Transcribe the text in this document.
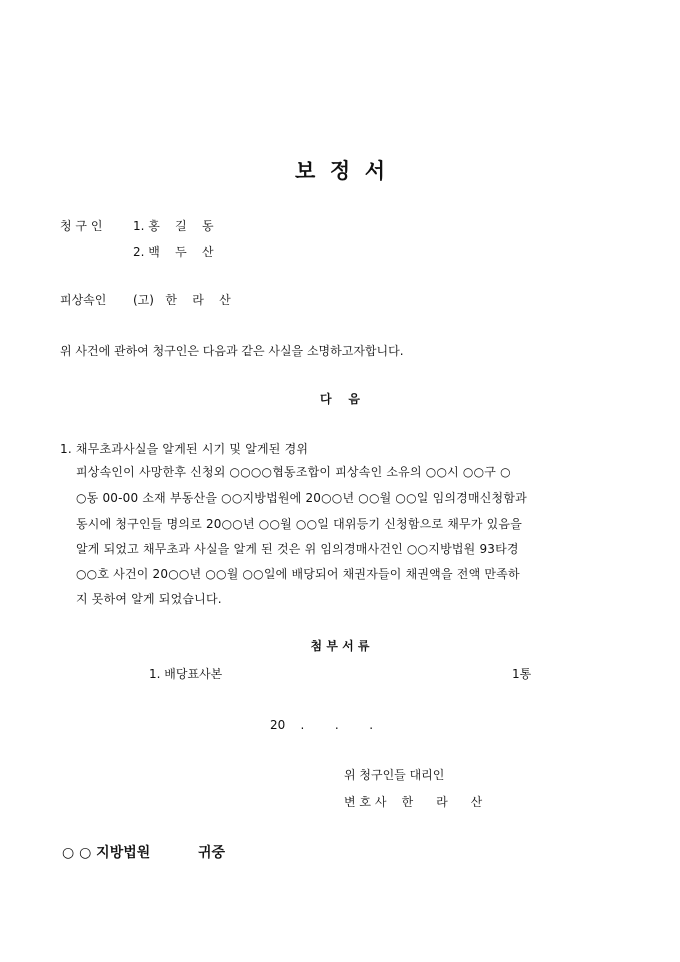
보  정  서
청 구 인	1. 홍    길    동
2. 백    두    산
피상속인 (고)   한    라    산
위 사건에 관하여 청구인은 다음과 같은 사실을 소명하고자합니다.
다    음
1. 채무초과사실을 알게된 시기 및 알게된 경위
피상속인이 사망한후 신청외 ○○○○협동조합이 피상속인 소유의 ○○시 ○○구 ○
○동 00-00 소재 부동산을 ○○지방법원에 20○○년 ○○월 ○○일 임의경매신청함과
동시에 청구인들 명의로 20○○년 ○○월 ○○일 대위등기 신청함으로 채무가 있음을
알게 되었고 채무초과 사실을 알게 된 것은 위 임의경매사건인 ○○지방법원 93타경
○○호 사건이 20○○년 ○○월 ○○일에 배당되어 채권자들이 채권액을 전액 만족하
지 못하여 알게 되었습니다.
첨 부 서 류
1. 배당표사본	1통
20    .        .        .
위 청구인들 대리인
변 호 사    한      라      산
○ ○ 지방법원	귀중
